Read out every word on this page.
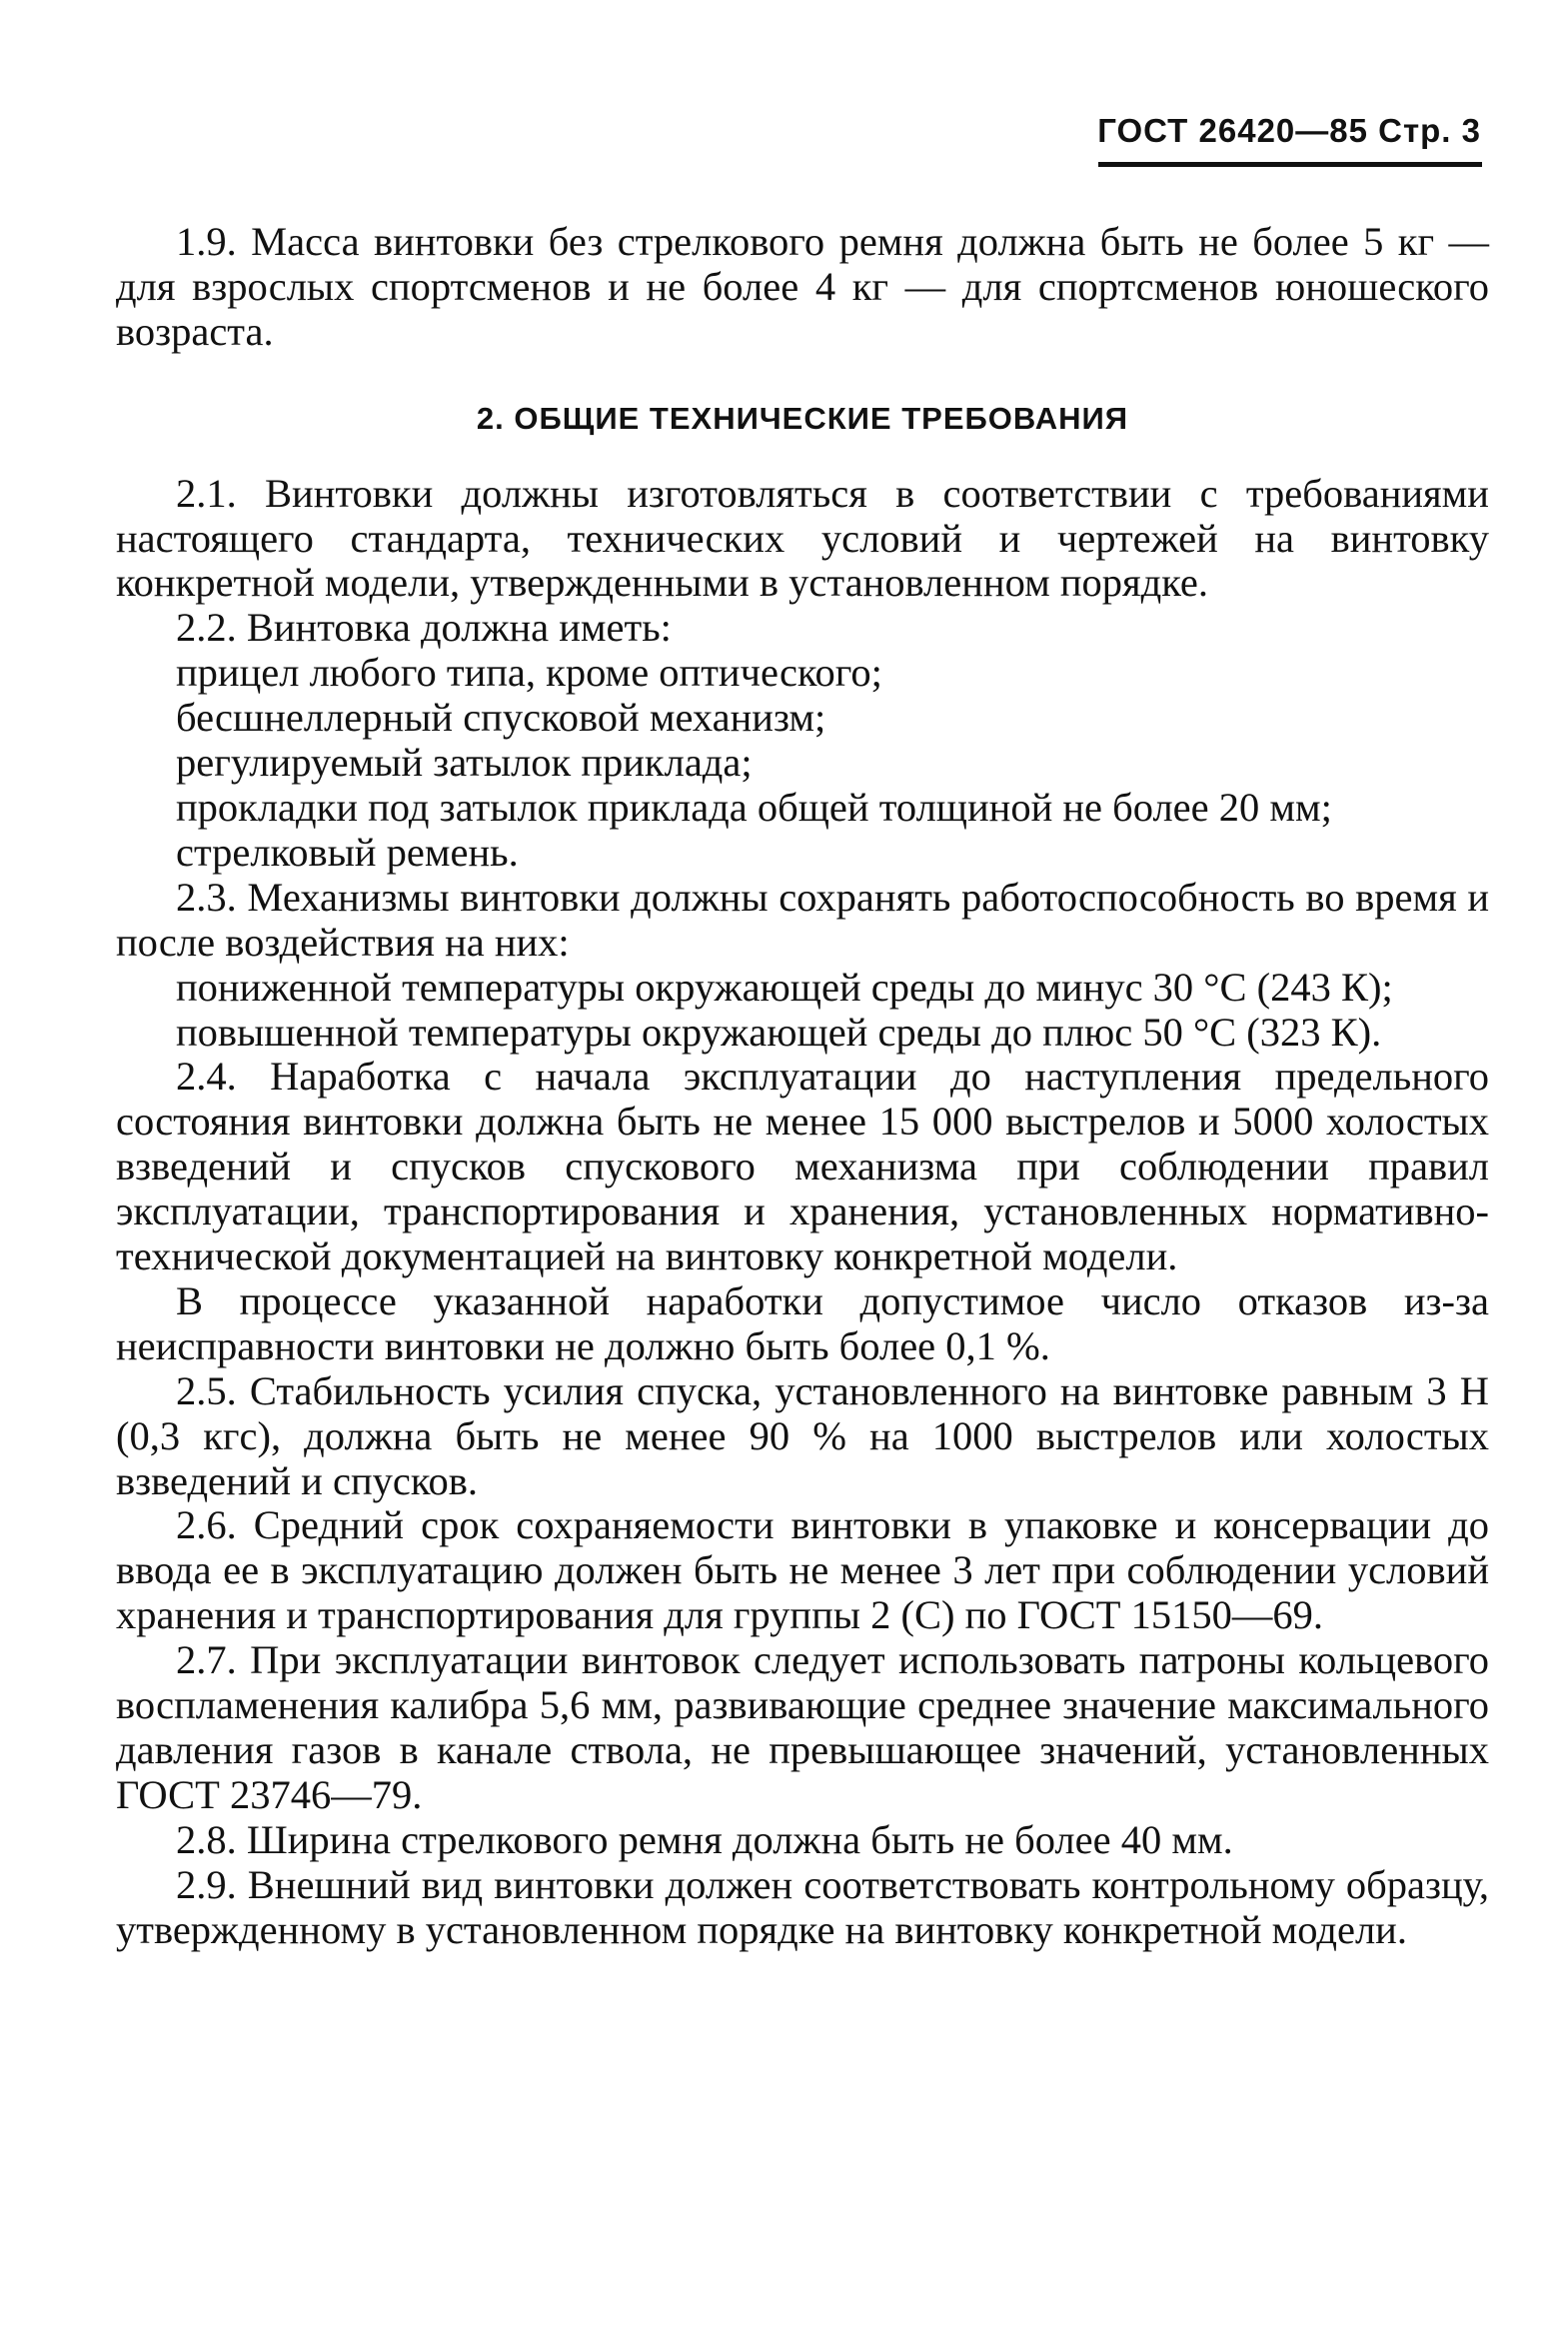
ГОСТ 26420—85 Стр. 3

1.9. Масса винтовки без стрелкового ремня должна быть не более 5 кг — для взрослых спортсменов и не более 4 кг — для спортсменов юношеского возраста.

2. ОБЩИЕ ТЕХНИЧЕСКИЕ ТРЕБОВАНИЯ

2.1. Винтовки должны изготовляться в соответствии с требованиями настоящего стандарта, технических условий и чертежей на винтовку конкретной модели, утвержденными в установленном порядке.

2.2. Винтовка должна иметь:

прицел любого типа, кроме оптического;

бесшнеллерный спусковой механизм;

регулируемый затылок приклада;

прокладки под затылок приклада общей толщиной не более 20 мм;

стрелковый ремень.

2.3. Механизмы винтовки должны сохранять работоспособность во время и после воздействия на них:

пониженной температуры окружающей среды до минус 30 °С (243 К);

повышенной температуры окружающей среды до плюс 50 °С (323 К).

2.4. Наработка с начала эксплуатации до наступления предельного состояния винтовки должна быть не менее 15 000 выстрелов и 5000 холостых взведений и спусков спускового механизма при соблюдении правил эксплуатации, транспортирования и хранения, установленных нормативно-технической документацией на винтовку конкретной модели.

В процессе указанной наработки допустимое число отказов из-за неисправности винтовки не должно быть более 0,1 %.

2.5. Стабильность усилия спуска, установленного на винтовке равным 3 Н (0,3 кгс), должна быть не менее 90 % на 1000 выстрелов или холостых взведений и спусков.

2.6. Средний срок сохраняемости винтовки в упаковке и консервации до ввода ее в эксплуатацию должен быть не менее 3 лет при соблюдении условий хранения и транспортирования для группы 2 (С) по ГОСТ 15150—69.

2.7. При эксплуатации винтовок следует использовать патроны кольцевого воспламенения калибра 5,6 мм, развивающие среднее значение максимального давления газов в канале ствола, не превышающее значений, установленных ГОСТ 23746—79.

2.8. Ширина стрелкового ремня должна быть не более 40 мм.

2.9. Внешний вид винтовки должен соответствовать контрольному образцу, утвержденному в установленном порядке на винтовку конкретной модели.
